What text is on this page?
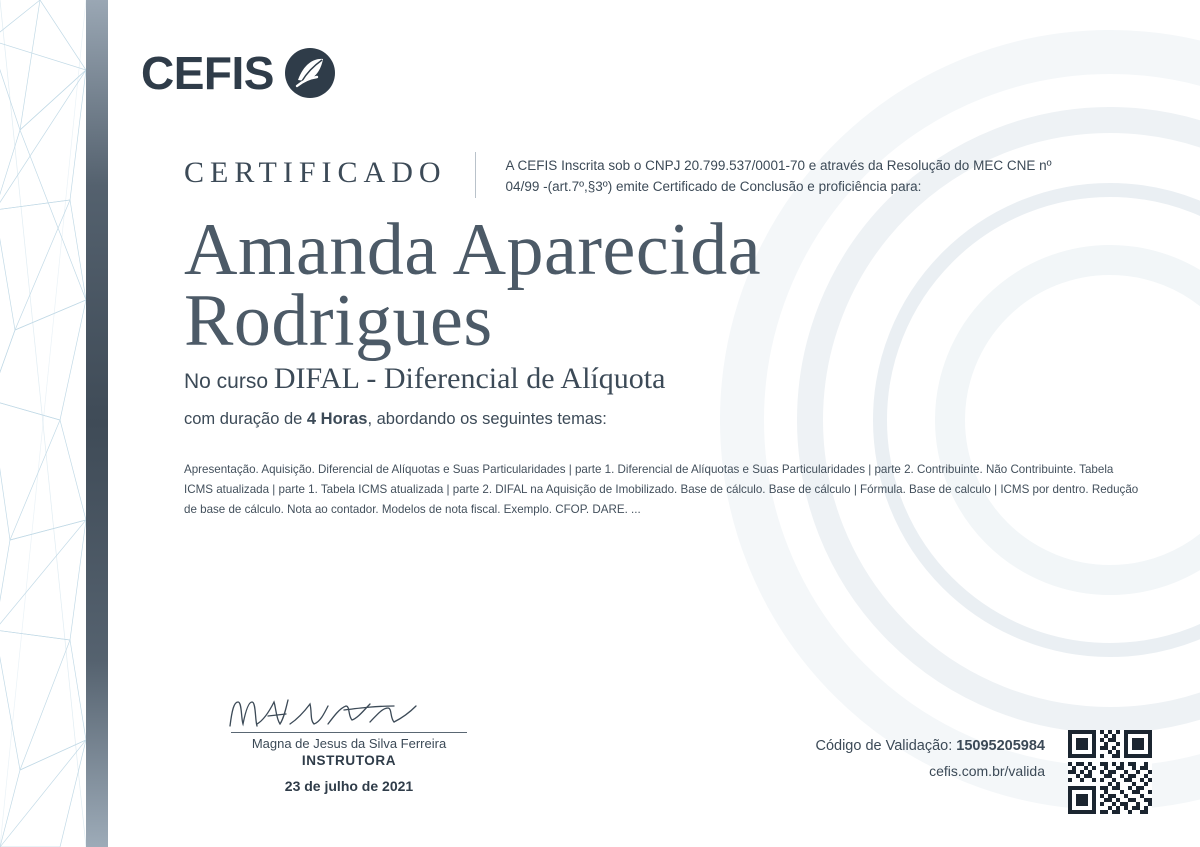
CEFIS
CERTIFICADO	A CEFIS Inscrita sob o CNPJ 20.799.537/0001-70 e através da Resolução do MEC CNE nº 04/99 -(art.7º,§3º) emite Certificado de Conclusão e proficiência para:
Amanda Aparecida Rodrigues
No curso DIFAL - Diferencial de Alíquota
com duração de 4 Horas, abordando os seguintes temas:
Apresentação. Aquisição. Diferencial de Alíquotas e Suas Particularidades | parte 1. Diferencial de Alíquotas e Suas Particularidades | parte 2. Contribuinte. Não Contribuinte. Tabela ICMS atualizada | parte 1. Tabela ICMS atualizada | parte 2. DIFAL na Aquisição de Imobilizado. Base de cálculo. Base de cálculo | Fórmula. Base de calculo | ICMS por dentro. Redução de base de cálculo. Nota ao contador. Modelos de nota fiscal. Exemplo. CFOP. DARE. ...
Magna de Jesus da Silva Ferreira
INSTRUTORA
23 de julho de 2021
Código de Validação: 15095205984
cefis.com.br/valida
